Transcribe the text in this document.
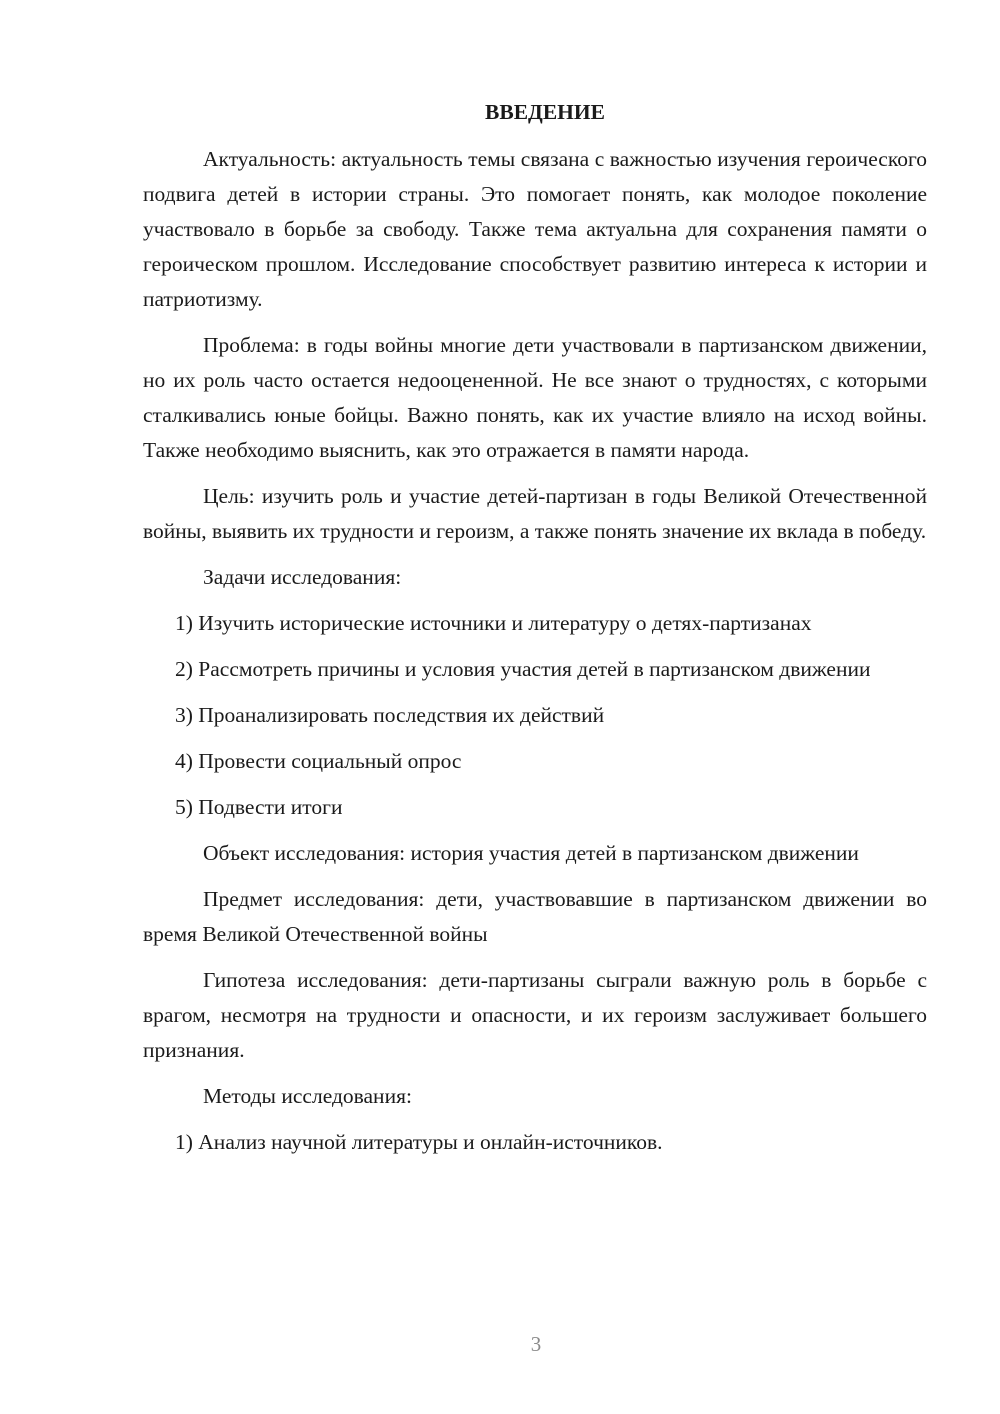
ВВЕДЕНИЕ

Актуальность: актуальность темы связана с важностью изучения героического подвига детей в истории страны. Это помогает понять, как молодое поколение участвовало в борьбе за свободу. Также тема актуальна для сохранения памяти о героическом прошлом. Исследование способствует развитию интереса к истории и патриотизму.

Проблема: в годы войны многие дети участвовали в партизанском движении, но их роль часто остается недооцененной. Не все знают о трудностях, с которыми сталкивались юные бойцы. Важно понять, как их участие влияло на исход войны. Также необходимо выяснить, как это отражается в памяти народа.

Цель: изучить роль и участие детей-партизан в годы Великой Отечественной войны, выявить их трудности и героизм, а также понять значение их вклада в победу.

Задачи исследования:

1) Изучить исторические источники и литературу о детях-партизанах

2) Рассмотреть причины и условия участия детей в партизанском движении

3) Проанализировать последствия их действий

4) Провести социальный опрос

5) Подвести итоги

Объект исследования: история участия детей в партизанском движении

Предмет исследования: дети, участвовавшие в партизанском движении во время Великой Отечественной войны

Гипотеза исследования: дети-партизаны сыграли важную роль в борьбе с врагом, несмотря на трудности и опасности, и их героизм заслуживает большего признания.

Методы исследования:

1) Анализ научной литературы и онлайн-источников.

3
